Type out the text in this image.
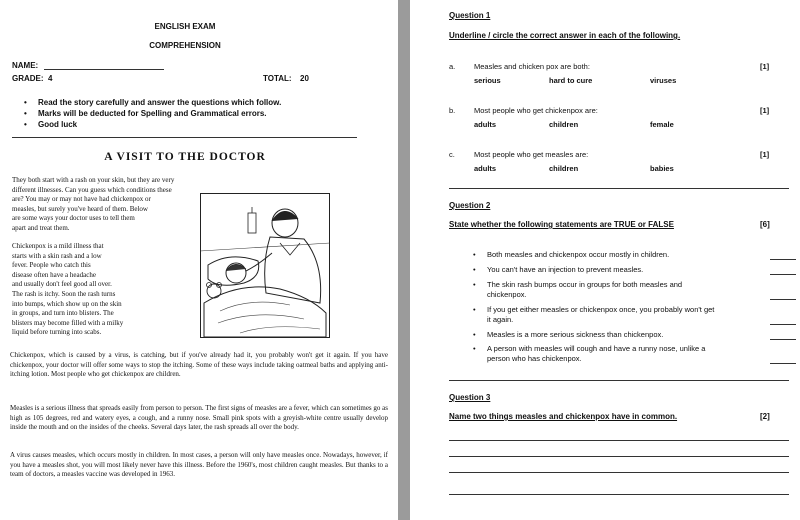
ENGLISH EXAM
COMPREHENSION
NAME:
GRADE: 4	TOTAL: 20
• Read the story carefully and answer the questions which follow.
• Marks will be deducted for Spelling and Grammatical errors.
• Good luck
A VISIT TO THE DOCTOR
They both start with a rash on your skin, but they are very
different illnesses. Can you guess which conditions these
are? You may or may not have had chickenpox or
measles, but surely you've heard of them. Below
are some ways your doctor uses to tell them
apart and treat them.
Chickenpox is a mild illness that
starts with a skin rash and a low
fever. People who catch this
disease often have a headache
and usually don't feel good all over.
The rash is itchy. Soon the rash turns
into bumps, which show up on the skin
in groups, and turn into blisters. The
blisters may become filled with a milky
liquid before turning into scabs.
Chickenpox, which is caused by a virus, is catching, but if you've already had it, you probably won't get it again. If you have chickenpox, your doctor will offer some ways to stop the itching. Some of these ways include taking oatmeal baths and applying anti-itching lotion. Most people who get chickenpox are children.
Measles is a serious illness that spreads easily from person to person. The first signs of measles are a fever, which can sometimes go as high as 105 degrees, red and watery eyes, a cough, and a runny nose. Small pink spots with a greyish-white centre usually develop inside the mouth and on the insides of the cheeks. Several days later, the rash spreads all over the body.
A virus causes measles, which occurs mostly in children. In most cases, a person will only have measles once. Nowadays, however, if you have a measles shot, you will most likely never have this illness. Before the 1960's, most children caught measles. But thanks to a team of doctors, a measles vaccine was developed in 1963.
Question 1
Underline / circle the correct answer in each of the following.
a. Measles and chicken pox are both:	[1]
serious	hard to cure	viruses
b. Most people who get chickenpox are:	[1]
adults	children	female
c.	Most people who get measles are:	[1]
adults	children	babies
Question 2
State whether the following statements are TRUE or FALSE	[6]
• Both measles and chickenpox occur mostly in children.
• You can't have an injection to prevent measles.
• The skin rash bumps occur in groups for both measles and chickenpox.
• If you get either measles or chickenpox once, you probably won't get it again.
• Measles is a more serious sickness than chickenpox.
• A person with measles will cough and have a runny nose, unlike a person who has chickenpox.
Question 3
Name two things measles and chickenpox have in common.	[2]
